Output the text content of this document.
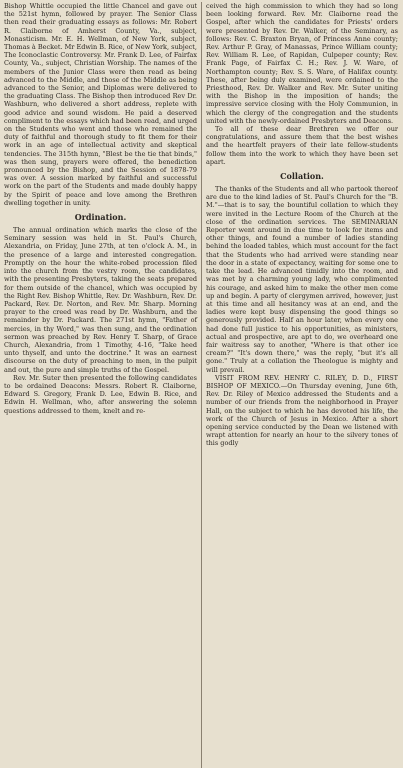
Bishop Whittle occupied the little Chancel and gave out the 521st hymn, followed by prayer. The Senior Class then read their graduating essays as follows: Mr. Robert R. Claiborne of Amherst County, Va., subject, Monasticism. Mr. E. H. Wellman, of New York, subject, Thomas à Becket. Mr Edwin B. Rice, of New York, subject, The Iconoclastic Controversy. Mr. Frank D. Lee, of Fairfax County, Va., subject, Christian Worship. The names of the members of the Junior Class were then read as being advanced to the Middle, and those of the Middle as being advanced to the Senior, and Diplomas were delivered to the graduating Class. The Bishop then introduced Rev Dr. Washburn, who delivered a short address, replete with good advice and sound wisdom. He paid a deserved compliment to the essays which had been read, and urged on the Students who went and those who remained the duty of faithful and thorough study to fit them for their work in an age of intellectual activity and skeptical tendencies. The 315th hymn, "Blest be the tie that binds," was then sung, prayers were offered, the benediction pronounced by the Bishop, and the Session of 1878-79 was over. A session marked by faithful and successful work on the part of the Students and made doubly happy by the Spirit of peace and love among the Brethren dwelling together in unity.

Ordination.

The annual ordination which marks the close of the Seminary session was held in St. Paul's Church, Alexandria, on Friday, June 27th, at ten o'clock A. M., in the presence of a large and interested congregation. Promptly on the hour the white-robed procession filed into the church from the vestry room, the candidates, with the presenting Presbyters, taking the seats prepared for them outside of the chancel, which was occupied by the Right Rev. Bishop Whittle, Rev. Dr. Washburn, Rev. Dr. Packard, Rev. Dr. Norton, and Rev. Mr. Sharp. Morning prayer to the creed was read by Dr. Washburn, and the remainder by Dr. Packard. The 271st hymn, "Father of mercies, in thy Word," was then sung, and the ordination sermon was preached by Rev. Henry T. Sharp, of Grace Church, Alexandria, from 1 Timothy, 4-16, "Take heed unto thyself, and unto the doctrine." It was an earnest discourse on the duty of preaching to men, in the pulpit and out, the pure and simple truths of the Gospel.

Rev. Mr. Suter then presented the following candidates to be ordained Deacons: Messrs. Robert R. Claiborne, Edward S. Gregory, Frank D. Lee, Edwin B. Rice, and Edwin H. Wellman, who, after answering the solemn questions addressed to them, knelt and re-

ceived the high commission to which they had so long been looking forward. Rev. Mr. Claiborne read the Gospel, after which the candidates for Priests' orders were presented by Rev. Dr. Walker, of the Seminary, as follows: Rev. C. Braxton Bryan, of Princess Anne county; Rev. Arthur P. Gray, of Manassas, Prince William county; Rev. William R. Lee, of Rapidan, Culpeper county; Rev. Frank Page, of Fairfax C. H.; Rev. J. W. Ware, of Northampton county; Rev. S. S. Ware, of Halifax county. These, after being duly examined, were ordained to the Priesthood, Rev. Dr. Walker and Rev. Mr. Suter uniting with the Bishop in the imposition of hands; the impressive service closing with the Holy Communion, in which the clergy of the congregation and the students united with the newly-ordained Presbyters and Deacons.

To all of these dear Brethren we offer our congratulations, and assure them that the best wishes and the heartfelt prayers of their late fellow-students follow them into the work to which they have been set apart.

Collation.

The thanks of the Students and all who partook thereof are due to the kind ladies of St. Paul's Church for the "B. M."—that is to say, the bountiful collation to which they were invited in the Lecture Room of the Church at the close of the ordination services. The SEMINARIAN Reporter went around in due time to look for items and other things, and found a number of ladies standing behind the loaded tables, which must account for the fact that the Students who had arrived were standing near the door in a state of expectancy, waiting for some one to take the lead. He advanced timidly into the room, and was met by a charming young lady, who complimented his courage, and asked him to make the other men come up and begin. A party of clergymen arrived, however, just at this time and all hesitancy was at an end, and the ladies were kept busy dispensing the good things so generously provided. Half an hour later, when every one had done full justice to his opportunities, as ministers, actual and prospective, are apt to do, we overheard one fair waitress say to another, "Where is that other ice cream?" "It's down there," was the reply, "but it's all gone." Truly at a collation the Theologue is mighty and will prevail.

VISIT FROM REV. HENRY C. RILEY, D. D., FIRST BISHOP OF MEXICO.—On Thursday evening, June 6th, Rev. Dr. Riley of Mexico addressed the Students and a number of our friends from the neighborhood in Prayer Hall, on the subject to which he has devoted his life, the work of the Church of Jesus in Mexico. After a short opening service conducted by the Dean we listened with wrapt attention for nearly an hour to the silvery tones of this godly
